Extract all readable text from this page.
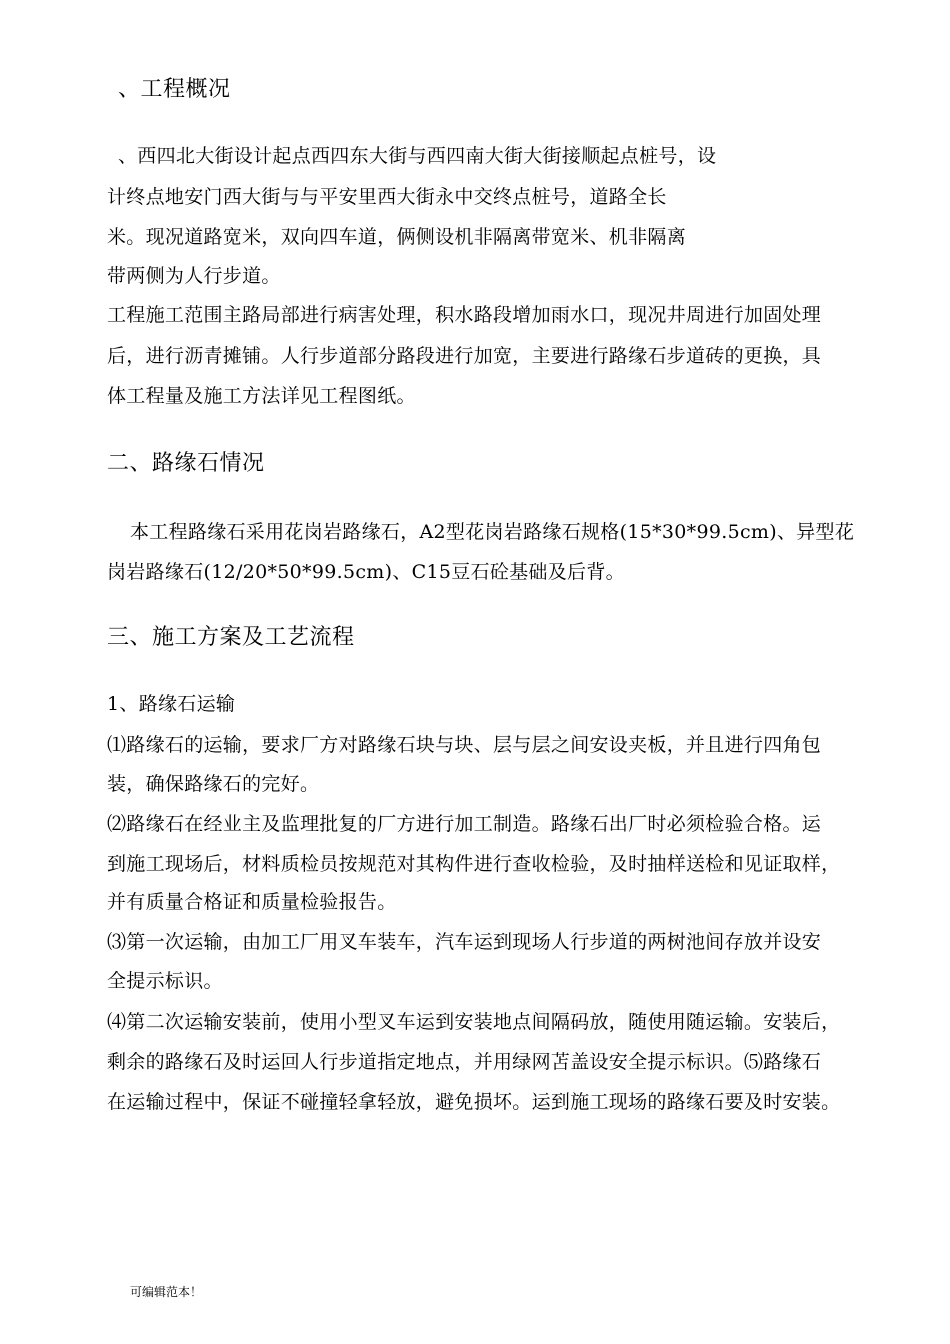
、工程概况
、西四北大街设计起点西四东大街与西四南大街大街接顺起点桩号，设
计终点地安门西大街与与平安里西大街永中交终点桩号，道路全长
米。现况道路宽米，双向四车道，俩侧设机非隔离带宽米、机非隔离
带两侧为人行步道。
工程施工范围主路局部进行病害处理，积水路段增加雨水口，现况井周进行加固处理
后，进行沥青摊铺。人行步道部分路段进行加宽，主要进行路缘石步道砖的更换，具
体工程量及施工方法详见工程图纸。
二、路缘石情况
本工程路缘石采用花岗岩路缘石，A2型花岗岩路缘石规格(15*30*99.5cm)、异型花
岗岩路缘石(12/20*50*99.5cm)、C15豆石砼基础及后背。
三、施工方案及工艺流程
1、路缘石运输
⑴路缘石的运输，要求厂方对路缘石块与块、层与层之间安设夹板，并且进行四角包
装，确保路缘石的完好。
⑵路缘石在经业主及监理批复的厂方进行加工制造。路缘石出厂时必须检验合格。运
到施工现场后，材料质检员按规范对其构件进行查收检验，及时抽样送检和见证取样，
并有质量合格证和质量检验报告。
⑶第一次运输，由加工厂用叉车装车，汽车运到现场人行步道的两树池间存放并设安
全提示标识。
⑷第二次运输安装前，使用小型叉车运到安装地点间隔码放，随使用随运输。安装后，
剩余的路缘石及时运回人行步道指定地点，并用绿网苫盖设安全提示标识。⑸路缘石
在运输过程中，保证不碰撞轻拿轻放，避免损坏。运到施工现场的路缘石要及时安装。
可编辑范本！
